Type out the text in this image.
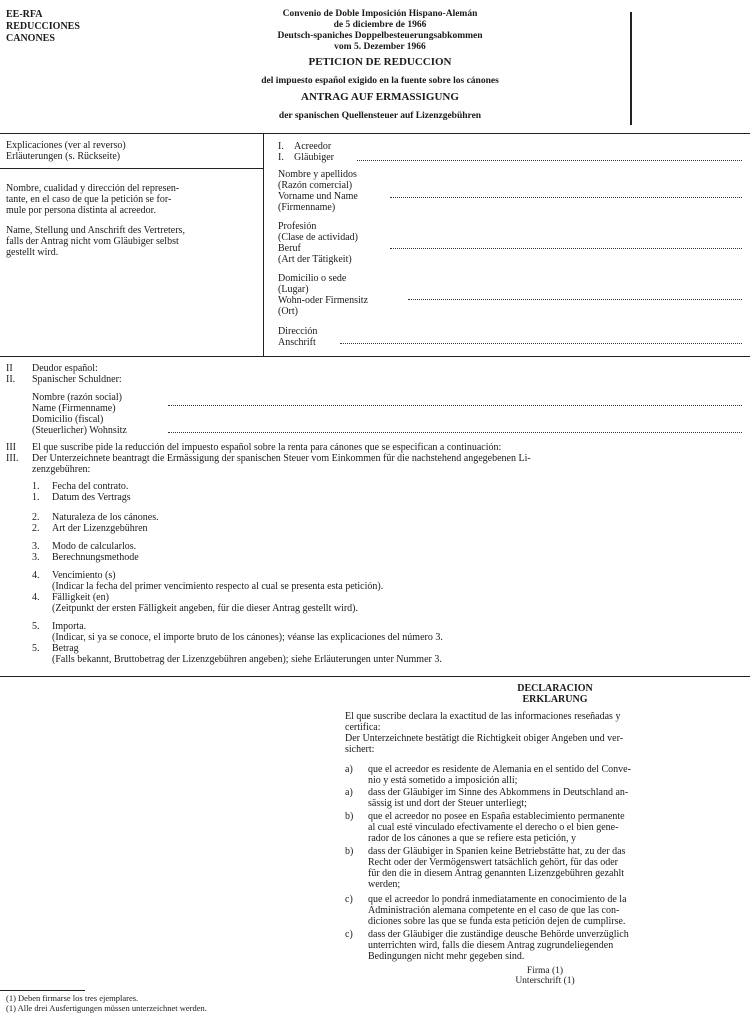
EE-RFA
REDUCCIONES
CANONES
Convenio de Doble Imposición Hispano-Alemán
de 5 diciembre de 1966
Deutsch-spaniches Doppelbesteuerungsabkommen
vom 5. Dezember 1966
PETICION DE REDUCCION
del impuesto español exigido en la fuente sobre los cánones
ANTRAG AUF ERMASSIGUNG
der spanischen Quellensteuer auf Lizenzgebühren
Explicaciones (ver al reverso)
Erläuterungen (s. Rückseite)
Nombre, cualidad y dirección del represen-
tante, en el caso de que la petición se for-
mule por persona distinta al acreedor.
Name, Stellung und Anschrift des Vertreters,
falls der Antrag nicht vom Gläubiger selbst
gestellt wird.
I. Acreedor
I. Gläubiger
Nombre y apellidos
(Razón comercial)
Vorname und Name
(Firmenname)
Profesión
(Clase de actividad)
Beruf
(Art der Tätigkeit)
Domicilio o sede
(Lugar)
Wohn-oder Firmensitz
(Ort)
Dirección
Anschrift
II Deudor español:
II. Spanischer Schuldner:
Nombre (razón social)
Name (Firmenname)
Domicilio (fiscal)
(Steuerlicher) Wohnsitz
III El que suscribe pide la reducción del impuesto español sobre la renta para cánones que se especifican a continuación:
III. Der Unterzeichnete beantragt die Ermässigung der spanischen Steuer vom Einkommen für die nachstehend angegebenen Li-
zenzgebühren:
1. Fecha del contrato.
1. Datum des Vertrags
2. Naturaleza de los cánones.
2. Art der Lizenzgebühren
3. Modo de calcularlos.
3. Berechnungsmethode
4. Vencimiento (s)
(Indicar la fecha del primer vencimiento respecto al cual se presenta esta petición).
4. Fälligkeit (en)
(Zeitpunkt der ersten Fälligkeit angeben, für die dieser Antrag gestellt wird).
5. Importa.
(Indicar, si ya se conoce, el importe bruto de los cánones); véanse las explicaciones del número 3.
5. Betrag
(Falls bekannt, Bruttobetrag der Lizenzgebühren angeben); siehe Erläuterungen unter Nummer 3.
DECLARACION
ERKLARUNG
El que suscribe declara la exactitud de las informaciones reseñadas y
certifica:
Der Unterzeichnete bestätigt die Richtigkeit obiger Angeben und ver-
sichert:
a) que el acreedor es residente de Alemania en el sentido del Conve-
nio y está sometido a imposición allí;
a) dass der Gläubiger im Sinne des Abkommens in Deutschland an-
sässig ist und dort der Steuer unterliegt;
b) que el acreedor no posee en España establecimiento permanente
al cual esté vinculado efectivamente el derecho o el bien gene-
rador de los cánones a que se refiere esta petición, y
b) dass der Gläubiger in Spanien keine Betriebstätte hat, zu der das
Recht oder der Vermögenswert tatsächlich gehört, für das oder
für den die in diesem Antrag genannten Lizenzgebühren gezahlt
werden;
c) que el acreedor lo pondrá inmediatamente en conocimiento de la
Administración alemana competente en el caso de que las con-
diciones sobre las que se funda esta petición dejen de cumplirse.
c) dass der Gläubiger die zuständige deusche Behörde unverzüglich
unterrichten wird, falls die diesem Antrag zugrundeliegenden
Bedingungen nicht mehr gegeben sind.
Firma (1)
Unterschrift (1)
(1) Deben firmarse los tres ejemplares.
(1) Alle drei Ausfertigungen müssen unterzeichnet werden.
